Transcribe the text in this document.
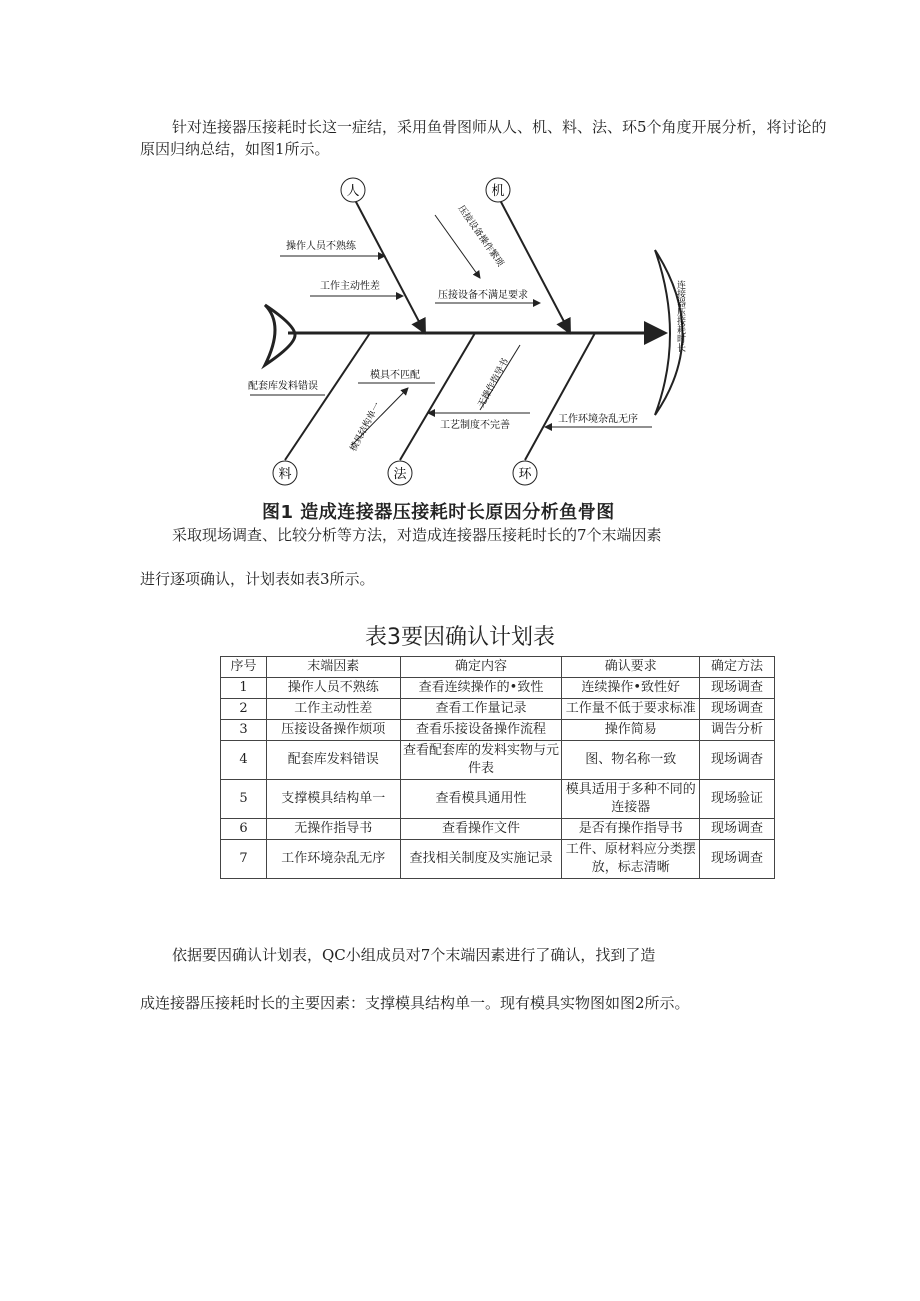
针对连接器压接耗时长这一症结，采用鱼骨图师从人、机、料、法、环5个角度开展分析，将讨论的原因归纳总结，如图1所示。

连接器压接耗时长
人	机
料	法	环
操作人员不熟练
工作主动性差
压接设备操作繁琐
压接设备不满足要求
配套库发料错误
模具不匹配
模具结构单一
无操作指导书
工艺制度不完善
工作环境杂乱无序
图1 造成连接器压接耗时长原因分析鱼骨图

采取现场调查、比较分析等方法，对造成连接器压接耗时长的7个末端因素

进行逐项确认，计划表如表3所示。

表3要因确认计划表
序号	末端因素	确定内容	确认要求	确定方法
1	操作人员不熟练	查看连续操作的•致性	连续操作•致性好	现场调查
2	工作主动性差	查看工作量记录	工作量不低于要求标准	现场调查
3	压接设备操作烦项	查看乐接设备操作流程	操作简易	调告分析
4	配套库发料错误	查看配套库的发料实物与元件表	图、物名称一致	现场调杳
5	支撑模具结构单一	查看模具通用性	模具适用于多种不同的连接器	现场验证
6	无操作指导书	查看操作文件	是否有操作指导书	现场调查
7	工作环境杂乱无序	查找相关制度及实施记录	工件、原材料应分类摆放，标志清晰	现场调查

依据要因确认计划表，QC小组成员对7个末端因素进行了确认，找到了造

成连接器压接耗时长的主要因素：支撑模具结构单一。现有模具实物图如图2所示。
